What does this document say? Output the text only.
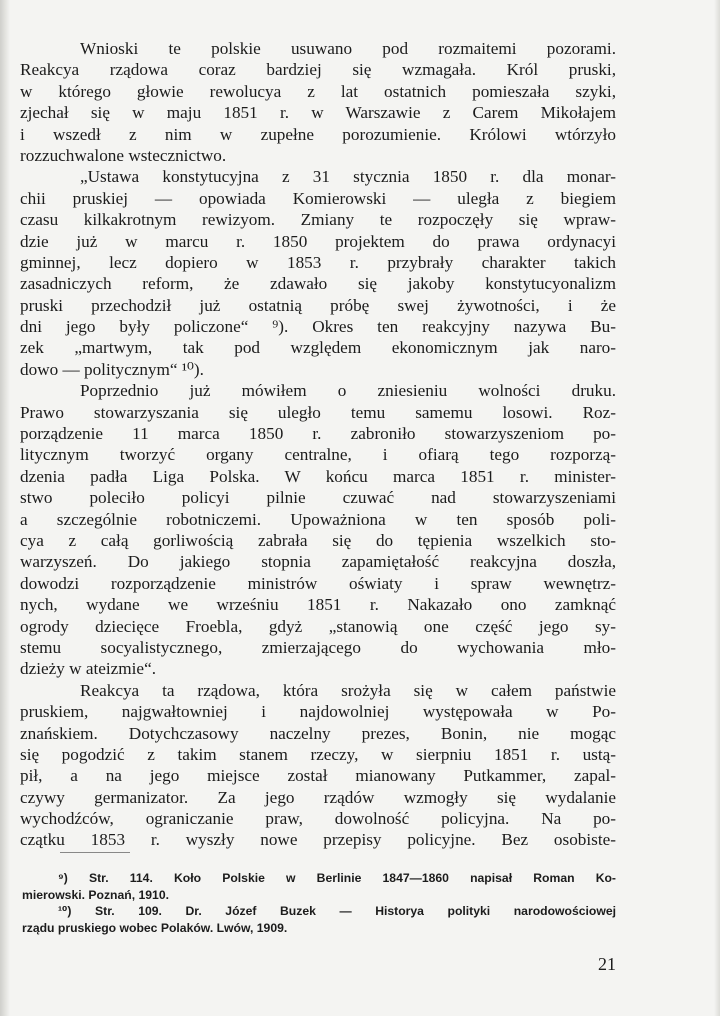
Wnioski te polskie usuwano pod rozmaitemi pozorami.
Reakcya rządowa coraz bardziej się wzmagała. Król pruski,
w którego głowie rewolucya z lat ostatnich pomieszała szyki,
zjechał się w maju 1851 r. w Warszawie z Carem Mikołajem
i wszedł z nim w zupełne porozumienie. Królowi wtórzyło
rozzuchwalone wstecznictwo.
„Ustawa konstytucyjna z 31 stycznia 1850 r. dla monar-
chii pruskiej — opowiada Komierowski — uległa z biegiem
czasu kilkakrotnym rewizyom. Zmiany te rozpoczęły się wpraw-
dzie już w marcu r. 1850 projektem do prawa ordynacyi
gminnej, lecz dopiero w 1853 r. przybrały charakter takich
zasadniczych reform, że zdawało się jakoby konstytucyonalizm
pruski przechodził już ostatnią próbę swej żywotności, i że
dni jego były policzone“ ⁹). Okres ten reakcyjny nazywa Bu-
zek „martwym, tak pod względem ekonomicznym jak naro-
dowo — politycznym“ ¹⁰).
Poprzednio już mówiłem o zniesieniu wolności druku.
Prawo stowarzyszania się uległo temu samemu losowi. Roz-
porządzenie 11 marca 1850 r. zabroniło stowarzyszeniom po-
litycznym tworzyć organy centralne, i ofiarą tego rozporzą-
dzenia padła Liga Polska. W końcu marca 1851 r. minister-
stwo poleciło policyi pilnie czuwać nad stowarzyszeniami
a szczególnie robotniczemi. Upoważniona w ten sposób poli-
cya z całą gorliwością zabrała się do tępienia wszelkich sto-
warzyszeń. Do jakiego stopnia zapamiętałość reakcyjna doszła,
dowodzi rozporządzenie ministrów oświaty i spraw wewnętrz-
nych, wydane we wrześniu 1851 r. Nakazało ono zamknąć
ogrody dziecięce Froebla, gdyż „stanowią one część jego sy-
stemu socyalistycznego, zmierzającego do wychowania mło-
dzieży w ateizmie“.
Reakcya ta rządowa, która srożyła się w całem państwie
pruskiem, najgwałtowniej i najdowolniej występowała w Po-
znańskiem. Dotychczasowy naczelny prezes, Bonin, nie mogąc
się pogodzić z takim stanem rzeczy, w sierpniu 1851 r. ustą-
pił, a na jego miejsce został mianowany Putkammer, zapal-
czywy germanizator. Za jego rządów wzmogły się wydalanie
wychodźców, ograniczanie praw, dowolność policyjna. Na po-
czątku 1853 r. wyszły nowe przepisy policyjne. Bez osobiste-
⁹) Str. 114. Koło Polskie w Berlinie 1847—1860 napisał Roman Ko-
mierowski. Poznań, 1910.
¹⁰) Str. 109. Dr. Józef Buzek — Historya polityki narodowościowej
rządu pruskiego wobec Polaków. Lwów, 1909.
21
